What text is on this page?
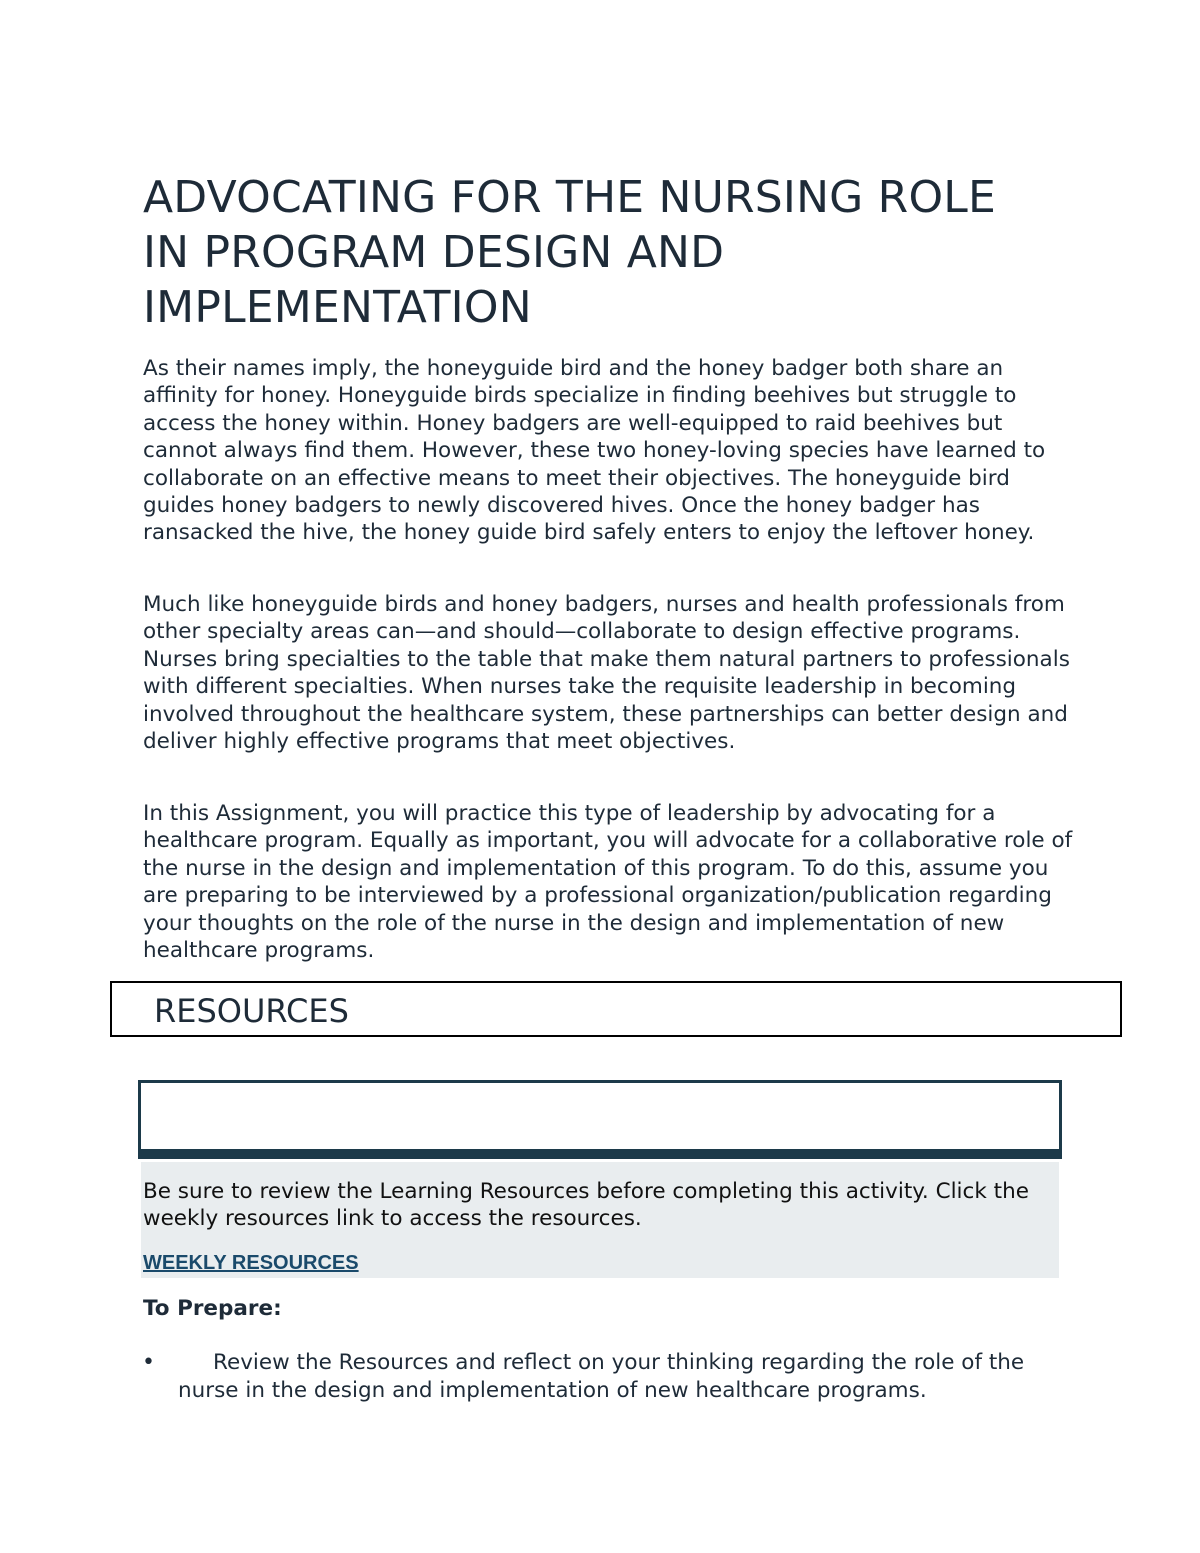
ADVOCATING FOR THE NURSING ROLE IN PROGRAM DESIGN AND IMPLEMENTATION

As their names imply, the honeyguide bird and the honey badger both share an affinity for honey. Honeyguide birds specialize in finding beehives but struggle to access the honey within. Honey badgers are well-equipped to raid beehives but cannot always find them. However, these two honey-loving species have learned to collaborate on an effective means to meet their objectives. The honeyguide bird guides honey badgers to newly discovered hives. Once the honey badger has ransacked the hive, the honey guide bird safely enters to enjoy the leftover honey.

Much like honeyguide birds and honey badgers, nurses and health professionals from other specialty areas can—and should—collaborate to design effective programs. Nurses bring specialties to the table that make them natural partners to professionals with different specialties. When nurses take the requisite leadership in becoming involved throughout the healthcare system, these partnerships can better design and deliver highly effective programs that meet objectives.

In this Assignment, you will practice this type of leadership by advocating for a healthcare program. Equally as important, you will advocate for a collaborative role of the nurse in the design and implementation of this program. To do this, assume you are preparing to be interviewed by a professional organization/publication regarding your thoughts on the role of the nurse in the design and implementation of new healthcare programs.

RESOURCES

Be sure to review the Learning Resources before completing this activity. Click the weekly resources link to access the resources.

WEEKLY RESOURCES

To Prepare:

•	Review the Resources and reflect on your thinking regarding the role of the nurse in the design and implementation of new healthcare programs.
